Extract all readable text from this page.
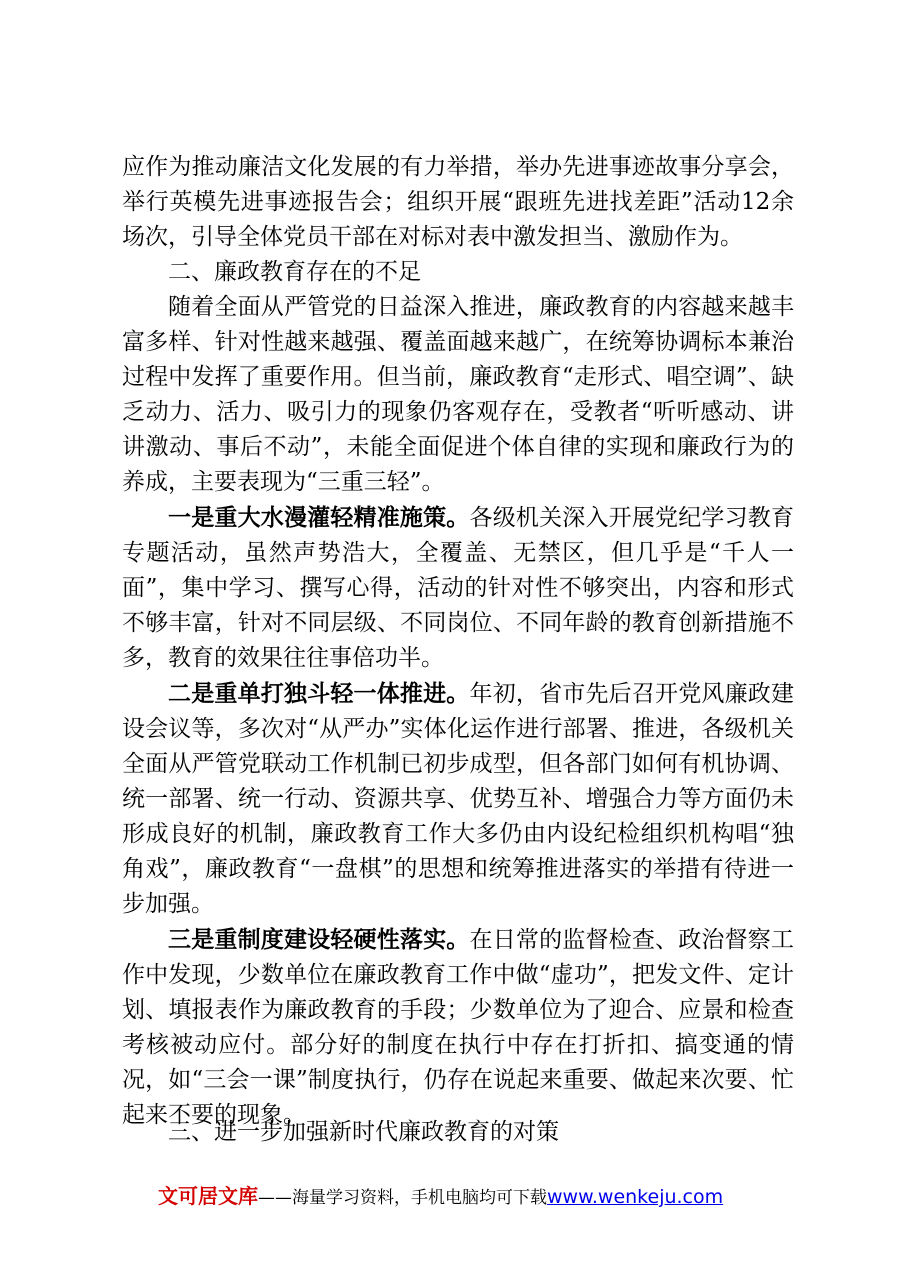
应作为推动廉洁文化发展的有力举措，举办先进事迹故事分享会，举行英模先进事迹报告会；组织开展“跟班先进找差距”活动12余场次，引导全体党员干部在对标对表中激发担当、激励作为。

二、廉政教育存在的不足

随着全面从严管党的日益深入推进，廉政教育的内容越来越丰富多样、针对性越来越强、覆盖面越来越广，在统筹协调标本兼治过程中发挥了重要作用。但当前，廉政教育“走形式、唱空调”、缺乏动力、活力、吸引力的现象仍客观存在，受教者“听听感动、讲讲激动、事后不动”，未能全面促进个体自律的实现和廉政行为的养成，主要表现为“三重三轻”。

一是重大水漫灌轻精准施策。各级机关深入开展党纪学习教育专题活动，虽然声势浩大，全覆盖、无禁区，但几乎是“千人一面”，集中学习、撰写心得，活动的针对性不够突出，内容和形式不够丰富，针对不同层级、不同岗位、不同年龄的教育创新措施不多，教育的效果往往事倍功半。

二是重单打独斗轻一体推进。年初，省市先后召开党风廉政建设会议等，多次对“从严办”实体化运作进行部署、推进，各级机关全面从严管党联动工作机制已初步成型，但各部门如何有机协调、统一部署、统一行动、资源共享、优势互补、增强合力等方面仍未形成良好的机制，廉政教育工作大多仍由内设纪检组织机构唱“独角戏”，廉政教育“一盘棋”的思想和统筹推进落实的举措有待进一步加强。

三是重制度建设轻硬性落实。在日常的监督检查、政治督察工作中发现，少数单位在廉政教育工作中做“虚功”，把发文件、定计划、填报表作为廉政教育的手段；少数单位为了迎合、应景和检查考核被动应付。部分好的制度在执行中存在打折扣、搞变通的情况，如“三会一课”制度执行，仍存在说起来重要、做起来次要、忙起来不要的现象。

三、进一步加强新时代廉政教育的对策

文可居文库——海量学习资料，手机电脑均可下载www.wenkeju.com
